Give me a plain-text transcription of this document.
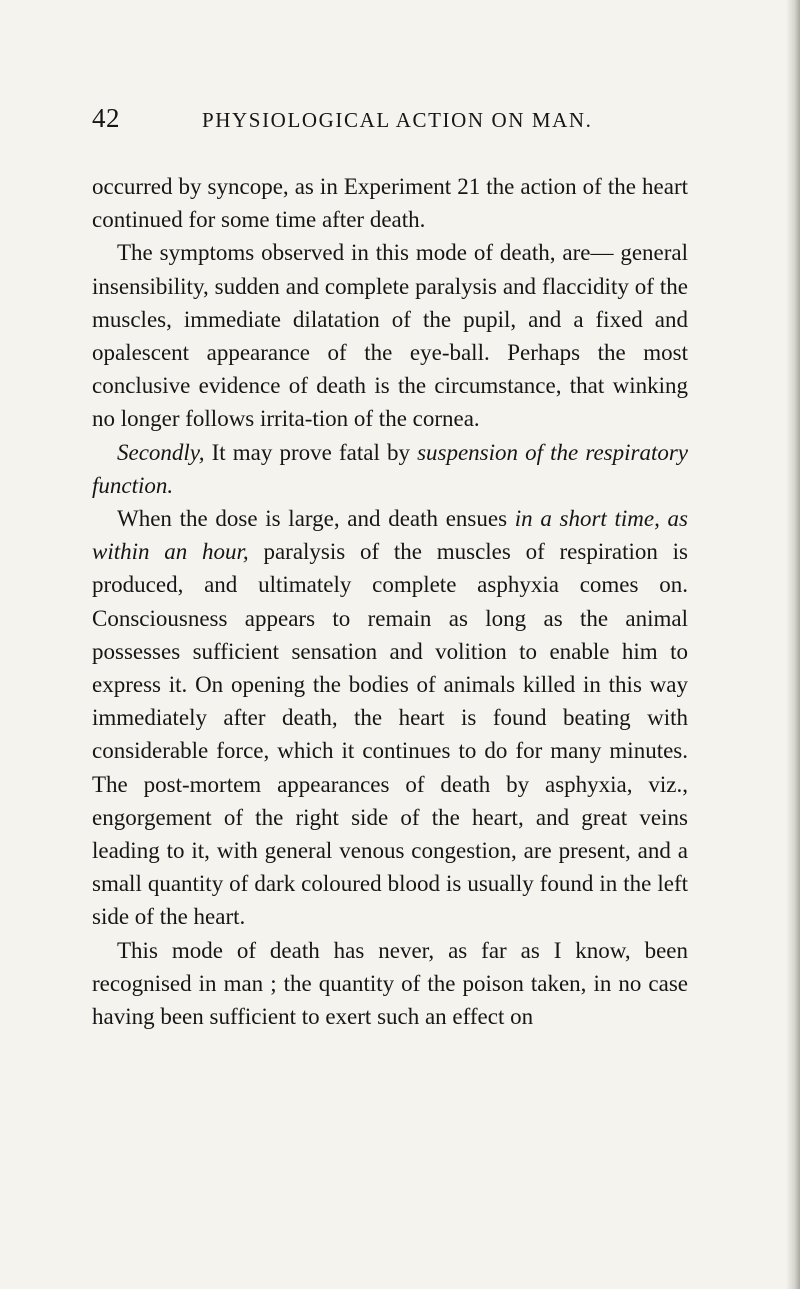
42	PHYSIOLOGICAL ACTION ON MAN.

occurred by syncope, as in Experiment 21 the action of the heart continued for some time after death.

The symptoms observed in this mode of death, are— general insensibility, sudden and complete paralysis and flaccidity of the muscles, immediate dilatation of the pupil, and a fixed and opalescent appearance of the eye-ball. Perhaps the most conclusive evidence of death is the circumstance, that winking no longer follows irrita-tion of the cornea.

Secondly, It may prove fatal by suspension of the respiratory function.

When the dose is large, and death ensues in a short time, as within an hour, paralysis of the muscles of respiration is produced, and ultimately complete asphyxia comes on. Consciousness appears to remain as long as the animal possesses sufficient sensation and volition to enable him to express it. On opening the bodies of animals killed in this way immediately after death, the heart is found beating with considerable force, which it continues to do for many minutes. The post-mortem appearances of death by asphyxia, viz., engorgement of the right side of the heart, and great veins leading to it, with general venous congestion, are present, and a small quantity of dark coloured blood is usually found in the left side of the heart.

This mode of death has never, as far as I know, been recognised in man ; the quantity of the poison taken, in no case having been sufficient to exert such an effect on
